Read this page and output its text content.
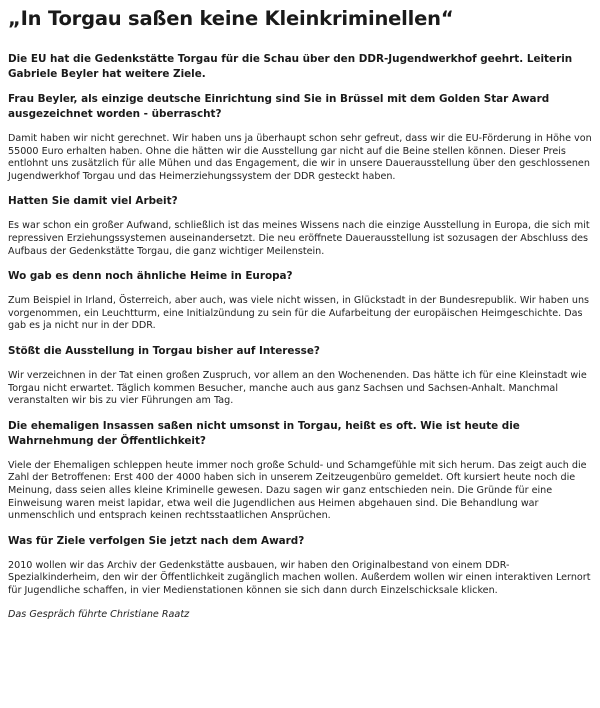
„In Torgau saßen keine Kleinkriminellen“

Die EU hat die Gedenkstätte Torgau für die Schau über den DDR-Jugendwerkhof geehrt. Leiterin Gabriele Beyler hat weitere Ziele.

Frau Beyler, als einzige deutsche Einrichtung sind Sie in Brüssel mit dem Golden Star Award ausgezeichnet worden - überrascht?

Damit haben wir nicht gerechnet. Wir haben uns ja überhaupt schon sehr gefreut, dass wir die EU-Förderung in Höhe von 55000 Euro erhalten haben. Ohne die hätten wir die Ausstellung gar nicht auf die Beine stellen können. Dieser Preis entlohnt uns zusätzlich für alle Mühen und das Engagement, die wir in unsere Dauerausstellung über den geschlossenen Jugendwerkhof Torgau und das Heimerziehungssystem der DDR gesteckt haben.

Hatten Sie damit viel Arbeit?

Es war schon ein großer Aufwand, schließlich ist das meines Wissens nach die einzige Ausstellung in Europa, die sich mit repressiven Erziehungssystemen auseinandersetzt. Die neu eröffnete Dauerausstellung ist sozusagen der Abschluss des Aufbaus der Gedenkstätte Torgau, die ganz wichtiger Meilenstein.

Wo gab es denn noch ähnliche Heime in Europa?

Zum Beispiel in Irland, Österreich, aber auch, was viele nicht wissen, in Glückstadt in der Bundesrepublik. Wir haben uns vorgenommen, ein Leuchtturm, eine Initialzündung zu sein für die Aufarbeitung der europäischen Heimgeschichte. Das gab es ja nicht nur in der DDR.

Stößt die Ausstellung in Torgau bisher auf Interesse?

Wir verzeichnen in der Tat einen großen Zuspruch, vor allem an den Wochenenden. Das hätte ich für eine Kleinstadt wie Torgau nicht erwartet. Täglich kommen Besucher, manche auch aus ganz Sachsen und Sachsen-Anhalt. Manchmal veranstalten wir bis zu vier Führungen am Tag.

Die ehemaligen Insassen saßen nicht umsonst in Torgau, heißt es oft. Wie ist heute die Wahrnehmung der Öffentlichkeit?

Viele der Ehemaligen schleppen heute immer noch große Schuld- und Schamgefühle mit sich herum. Das zeigt auch die Zahl der Betroffenen: Erst 400 der 4000 haben sich in unserem Zeitzeugenbüro gemeldet. Oft kursiert heute noch die Meinung, dass seien alles kleine Kriminelle gewesen. Dazu sagen wir ganz entschieden nein. Die Gründe für eine Einweisung waren meist lapidar, etwa weil die Jugendlichen aus Heimen abgehauen sind. Die Behandlung war unmenschlich und entsprach keinen rechtsstaatlichen Ansprüchen.

Was für Ziele verfolgen Sie jetzt nach dem Award?

2010 wollen wir das Archiv der Gedenkstätte ausbauen, wir haben den Originalbestand von einem DDR-Spezialkinderheim, den wir der Öffentlichkeit zugänglich machen wollen. Außerdem wollen wir einen interaktiven Lernort für Jugendliche schaffen, in vier Medienstationen können sie sich dann durch Einzelschicksale klicken.

Das Gespräch führte Christiane Raatz
